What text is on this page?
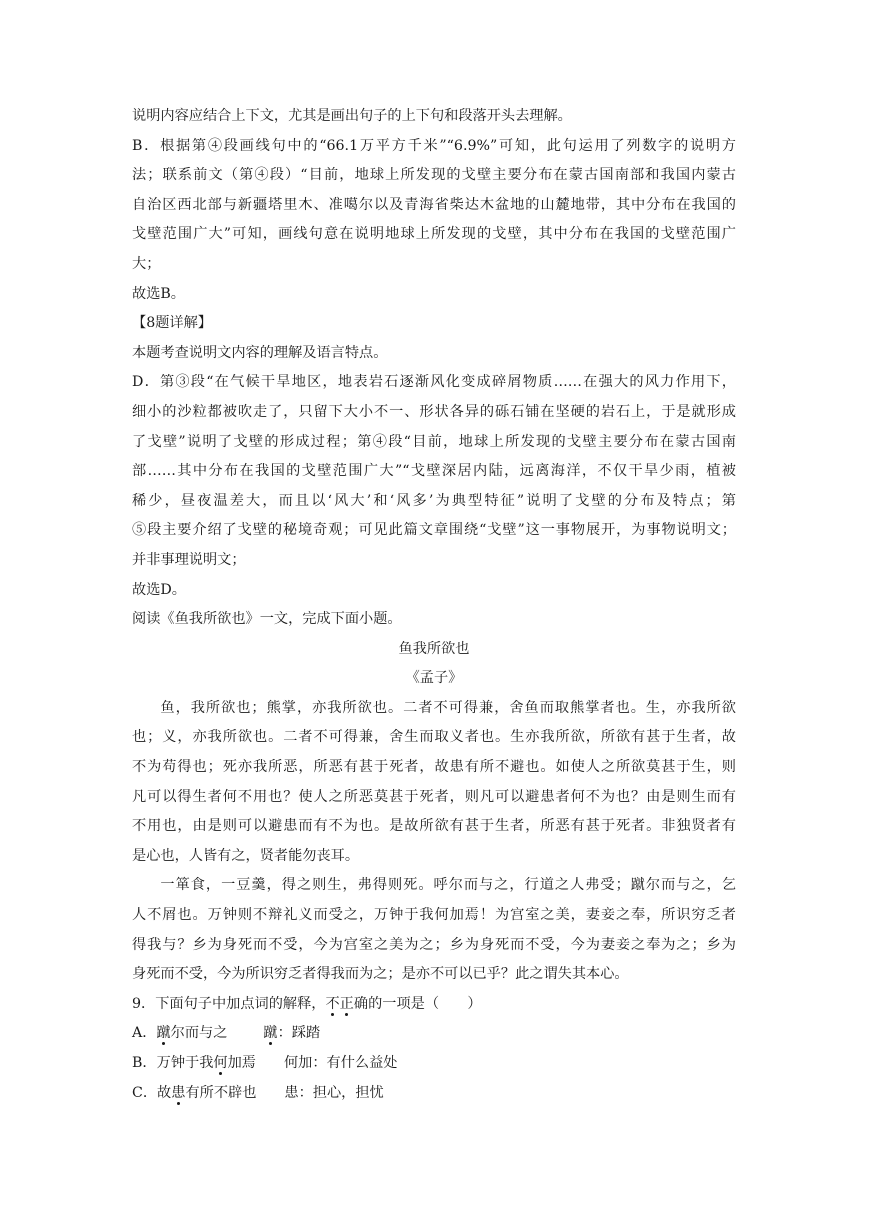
说明内容应结合上下文，尤其是画出句子的上下句和段落开头去理解。
B．根据第④段画线句中的“66.1万平方千米”“6.9%”可知，此句运用了列数字的说明方
法；联系前文（第④段）“目前，地球上所发现的戈壁主要分布在蒙古国南部和我国内蒙古
自治区西北部与新疆塔里木、准噶尔以及青海省柴达木盆地的山麓地带，其中分布在我国的
戈壁范围广大”可知，画线句意在说明地球上所发现的戈壁，其中分布在我国的戈壁范围广
大；
故选B。
【8题详解】
本题考查说明文内容的理解及语言特点。
D．第③段“在气候干旱地区，地表岩石逐渐风化变成碎屑物质……在强大的风力作用下，
细小的沙粒都被吹走了，只留下大小不一、形状各异的砾石铺在坚硬的岩石上，于是就形成
了戈壁”说明了戈壁的形成过程；第④段“目前，地球上所发现的戈壁主要分布在蒙古国南
部……其中分布在我国的戈壁范围广大”“戈壁深居内陆，远离海洋，不仅干旱少雨，植被
稀少，昼夜温差大，而且以‘风大’和‘风多’为典型特征”说明了戈壁的分布及特点；第
⑤段主要介绍了戈壁的秘境奇观；可见此篇文章围绕“戈壁”这一事物展开，为事物说明文；
并非事理说明文；
故选D。
阅读《鱼我所欲也》一文，完成下面小题。
鱼我所欲也
《孟子》
鱼，我所欲也；熊掌，亦我所欲也。二者不可得兼，舍鱼而取熊掌者也。生，亦我所欲
也；义，亦我所欲也。二者不可得兼，舍生而取义者也。生亦我所欲，所欲有甚于生者，故
不为苟得也；死亦我所恶，所恶有甚于死者，故患有所不避也。如使人之所欲莫甚于生，则
凡可以得生者何不用也？使人之所恶莫甚于死者，则凡可以避患者何不为也？由是则生而有
不用也，由是则可以避患而有不为也。是故所欲有甚于生者，所恶有甚于死者。非独贤者有
是心也，人皆有之，贤者能勿丧耳。
一箪食，一豆羹，得之则生，弗得则死。呼尔而与之，行道之人弗受；蹴尔而与之，乞
人不屑也。万钟则不辩礼义而受之，万钟于我何加焉！为宫室之美，妻妾之奉，所识穷乏者
得我与？乡为身死而不受，今为宫室之美为之；乡为身死而不受，今为妻妾之奉为之；乡为
身死而不受，今为所识穷乏者得我而为之；是亦不可以已乎？此之谓失其本心。
9．下面句子中加点词的解释，不正确的一项是（　　）
A．蹴尔而与之	蹴：踩踏
B．万钟于我何加焉 何加：有什么益处
C．故患有所不辟也 患：担心，担忧
